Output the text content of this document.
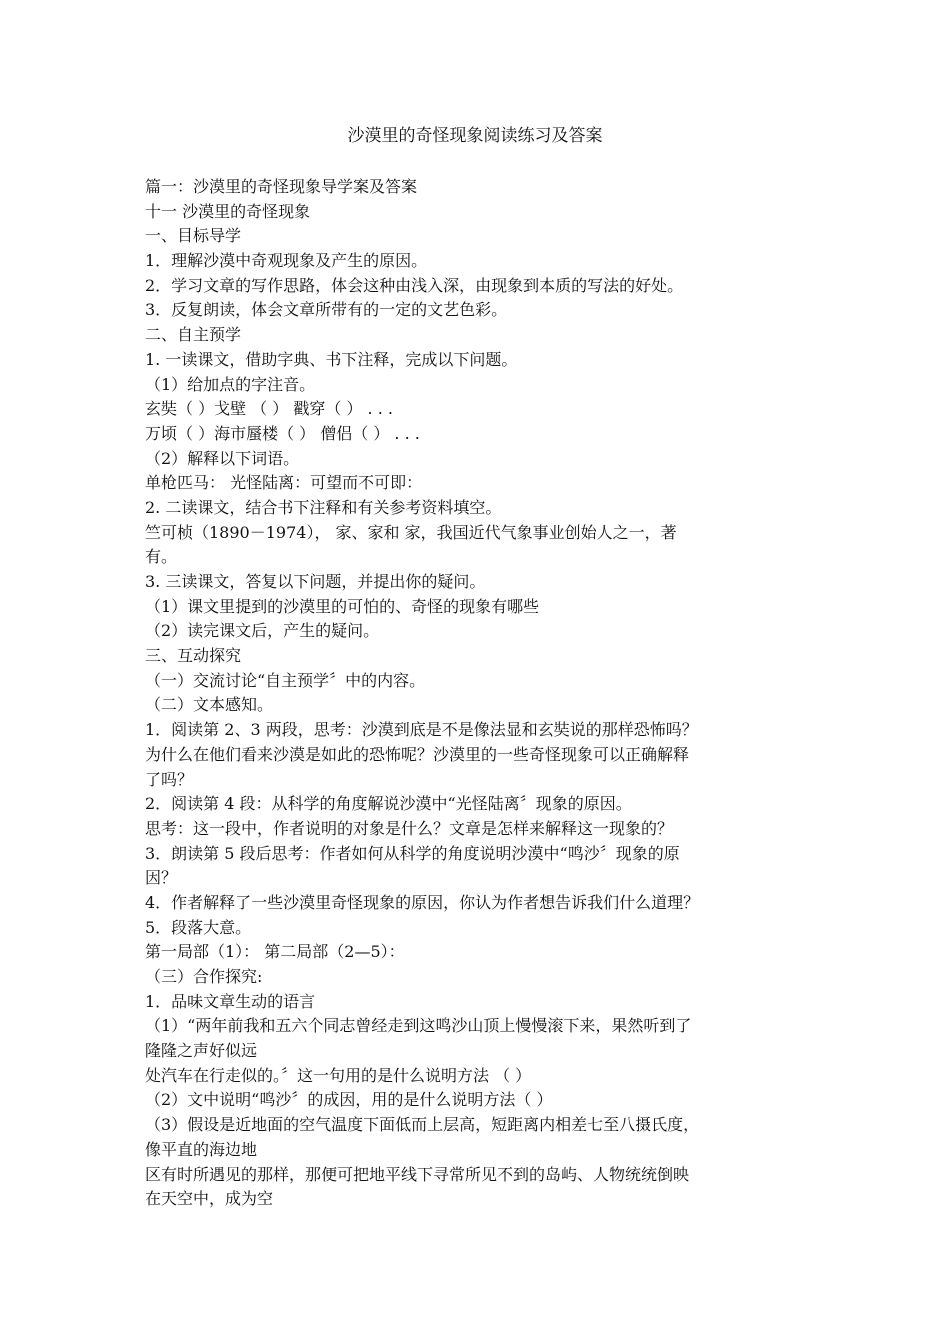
沙漠里的奇怪现象阅读练习及答案
篇一：沙漠里的奇怪现象导学案及答案
十一 沙漠里的奇怪现象
一、目标导学
1．理解沙漠中奇观现象及产生的原因。
2．学习文章的写作思路，体会这种由浅入深，由现象到本质的写法的好处。
3．反复朗读，体会文章所带有的一定的文艺色彩。
二、自主预学
1. 一读课文，借助字典、书下注释，完成以下问题。
（1）给加点的字注音。
玄奘（ ）戈壁 （ ） 戳穿（ ） . . .
万顷（ ）海市蜃楼（ ） 僧侣（ ） . . .
（2）解释以下词语。
单枪匹马： 光怪陆离：可望而不可即：
2. 二读课文，结合书下注释和有关参考资料填空。
竺可桢（1890－1974）， 家、家和 家，我国近代气象事业创始人之一，著
有。
3. 三读课文，答复以下问题，并提出你的疑问。
（1）课文里提到的沙漠里的可怕的、奇怪的现象有哪些
（2）读完课文后，产生的疑问。
三、互动探究
（一）交流讨论“自主预学〞中的内容。
（二）文本感知。
1．阅读第 2、3 两段，思考：沙漠到底是不是像法显和玄奘说的那样恐怖吗？
为什么在他们看来沙漠是如此的恐怖呢？沙漠里的一些奇怪现象可以正确解释
了吗？
2．阅读第 4 段：从科学的角度解说沙漠中“光怪陆离〞现象的原因。
思考：这一段中，作者说明的对象是什么？文章是怎样来解释这一现象的？
3．朗读第 5 段后思考：作者如何从科学的角度说明沙漠中“鸣沙〞现象的原
因？
4．作者解释了一些沙漠里奇怪现象的原因，你认为作者想告诉我们什么道理？
5．段落大意。
第一局部（1）： 第二局部（2—5）：
（三）合作探究:
1．品味文章生动的语言
（1）“两年前我和五六个同志曾经走到这鸣沙山顶上慢慢滚下来，果然听到了
隆隆之声好似远
处汽车在行走似的。〞这一句用的是什么说明方法 （ ）
（2）文中说明“鸣沙〞的成因，用的是什么说明方法（ ）
（3）假设是近地面的空气温度下面低而上层高，短距离内相差七至八摄氏度，
像平直的海边地
区有时所遇见的那样，那便可把地平线下寻常所见不到的岛屿、人物统统倒映
在天空中，成为空
